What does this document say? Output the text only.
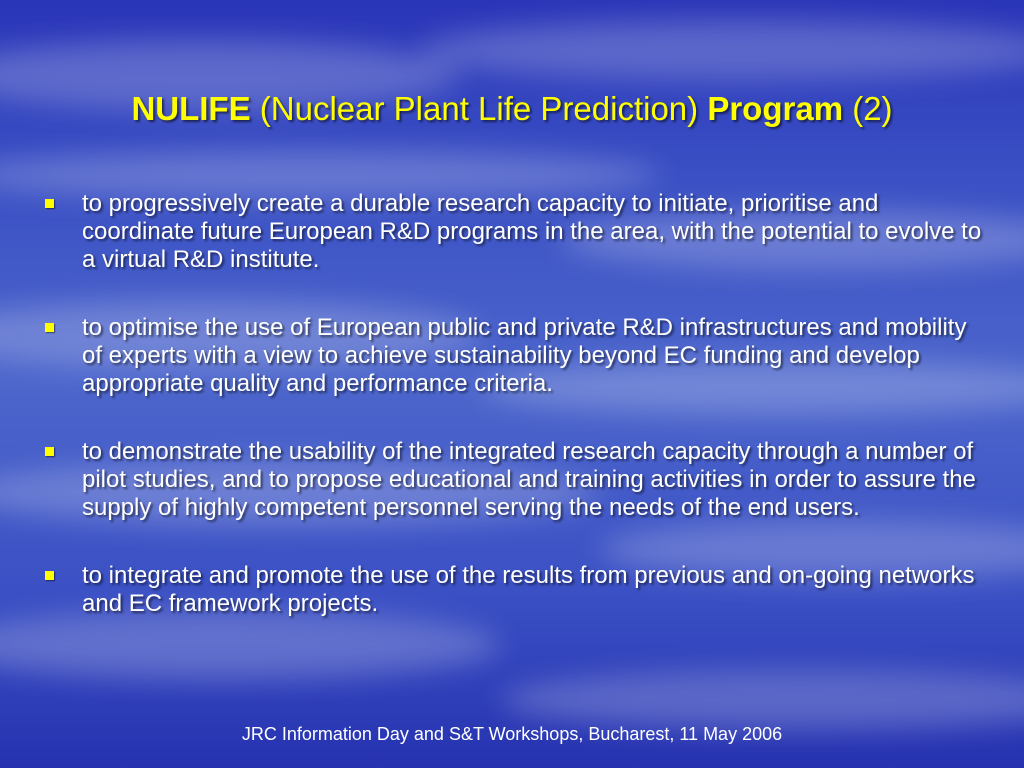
NULIFE (Nuclear Plant Life Prediction) Program (2)
to progressively create a durable research capacity to initiate, prioritise and coordinate future European R&D programs in the area, with the potential to evolve to a virtual R&D institute.
to optimise the use of European public and private R&D infrastructures and mobility of experts with a view to achieve sustainability beyond EC funding and develop appropriate quality and performance criteria.
to demonstrate the usability of the integrated research capacity through a number of pilot studies, and to propose educational and training activities in order to assure the supply of highly competent personnel serving the needs of the end users.
to integrate and promote the use of the results from previous and on-going networks and EC framework projects.
JRC Information Day and S&T Workshops, Bucharest, 11 May 2006
